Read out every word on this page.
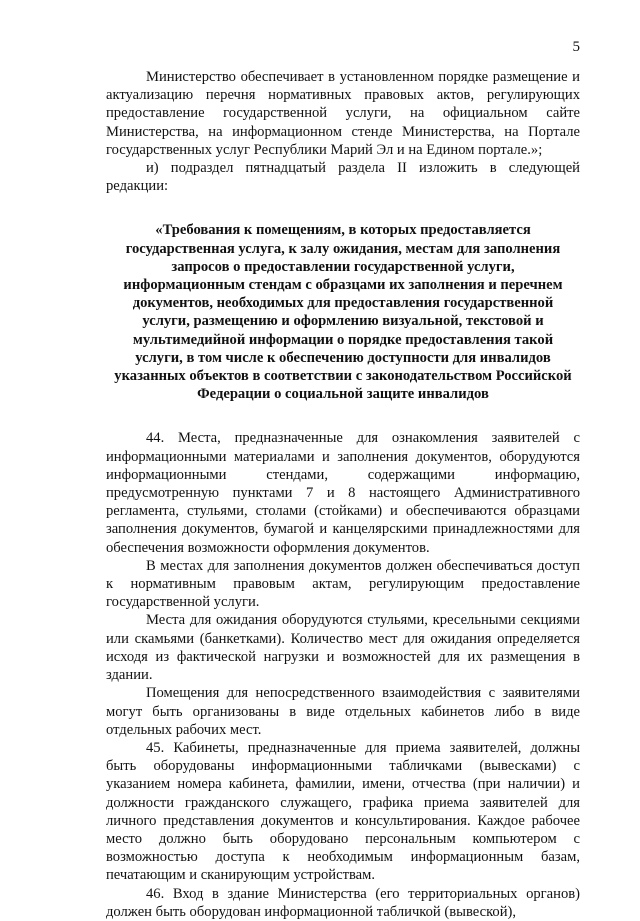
5

Министерство обеспечивает в установленном порядке размещение и актуализацию перечня нормативных правовых актов, регулирующих предоставление государственной услуги, на официальном сайте Министерства, на информационном стенде Министерства, на Портале государственных услуг Республики Марий Эл и на Едином портале.»;

и) подраздел пятнадцатый раздела II изложить в следующей редакции:

«Требования к помещениям, в которых предоставляется государственная услуга, к залу ожидания, местам для заполнения запросов о предоставлении государственной услуги, информационным стендам с образцами их заполнения и перечнем документов, необходимых для предоставления государственной услуги, размещению и оформлению визуальной, текстовой и мультимедийной информации о порядке предоставления такой услуги, в том числе к обеспечению доступности для инвалидов указанных объектов в соответствии с законодательством Российской Федерации о социальной защите инвалидов

44. Места, предназначенные для ознакомления заявителей с информационными материалами и заполнения документов, оборудуются информационными стендами, содержащими информацию, предусмотренную пунктами 7 и 8 настоящего Административного регламента, стульями, столами (стойками) и обеспечиваются образцами заполнения документов, бумагой и канцелярскими принадлежностями для обеспечения возможности оформления документов.

В местах для заполнения документов должен обеспечиваться доступ к нормативным правовым актам, регулирующим предоставление государственной услуги.

Места для ожидания оборудуются стульями, кресельными секциями или скамьями (банкетками). Количество мест для ожидания определяется исходя из фактической нагрузки и возможностей для их размещения в здании.

Помещения для непосредственного взаимодействия с заявителями могут быть организованы в виде отдельных кабинетов либо в виде отдельных рабочих мест.

45. Кабинеты, предназначенные для приема заявителей, должны быть оборудованы информационными табличками (вывесками) с указанием номера кабинета, фамилии, имени, отчества (при наличии) и должности гражданского служащего, графика приема заявителей для личного представления документов и консультирования. Каждое рабочее место должно быть оборудовано персональным компьютером с возможностью доступа к необходимым информационным базам, печатающим и сканирующим устройствам.

46. Вход в здание Министерства (его территориальных органов) должен быть оборудован информационной табличкой (вывеской),
